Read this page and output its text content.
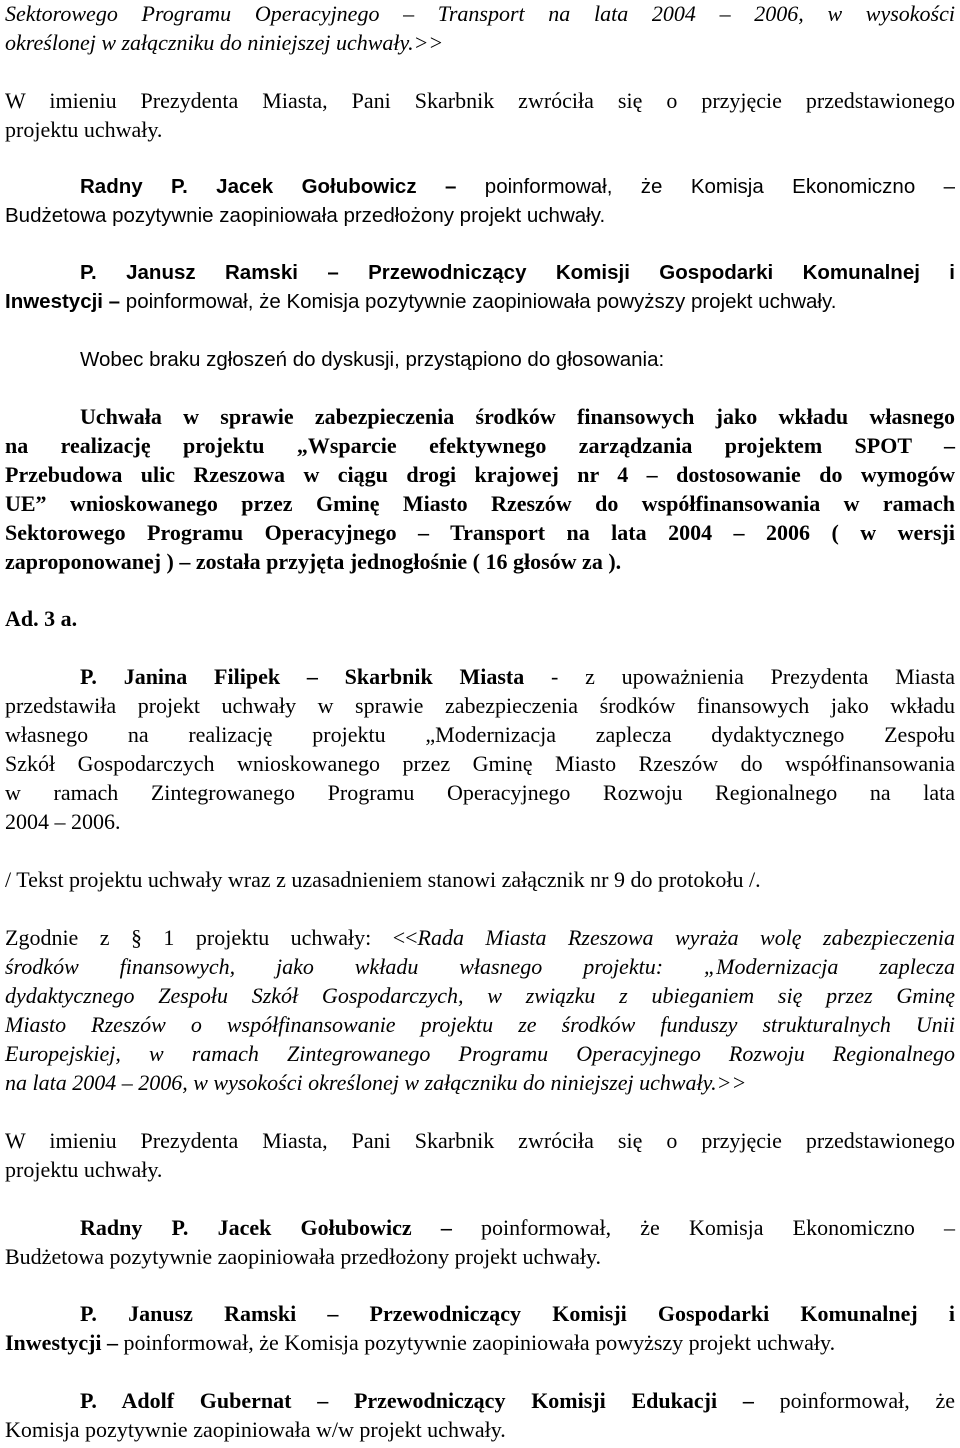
Sektorowego Programu Operacyjnego – Transport na lata 2004 – 2006, w wysokości
określonej w załączniku do niniejszej uchwały.>>
W imieniu Prezydenta Miasta, Pani Skarbnik zwróciła się o przyjęcie przedstawionego
projektu uchwały.
Radny P. Jacek Gołubowicz – poinformował, że Komisja Ekonomiczno –
Budżetowa pozytywnie zaopiniowała przedłożony projekt uchwały.
P. Janusz Ramski – Przewodniczący Komisji Gospodarki Komunalnej i
Inwestycji – poinformował, że Komisja pozytywnie zaopiniowała powyższy projekt uchwały.
Wobec braku zgłoszeń do dyskusji, przystąpiono do głosowania:
Uchwała w sprawie zabezpieczenia środków finansowych jako wkładu własnego
na realizację projektu „Wsparcie efektywnego zarządzania projektem SPOT –
Przebudowa ulic Rzeszowa w ciągu drogi krajowej nr 4 – dostosowanie do wymogów
UE” wnioskowanego przez Gminę Miasto Rzeszów do współfinansowania w ramach
Sektorowego Programu Operacyjnego – Transport na lata 2004 – 2006 ( w wersji
zaproponowanej ) – została przyjęta jednogłośnie ( 16 głosów za ).
Ad. 3 a.
P. Janina Filipek – Skarbnik Miasta - z upoważnienia Prezydenta Miasta
przedstawiła projekt uchwały w sprawie zabezpieczenia środków finansowych jako wkładu
własnego na realizację projektu „Modernizacja zaplecza dydaktycznego Zespołu
Szkół Gospodarczych wnioskowanego przez Gminę Miasto Rzeszów do współfinansowania
w ramach Zintegrowanego Programu Operacyjnego Rozwoju Regionalnego na lata
2004 – 2006.
/ Tekst projektu uchwały wraz z uzasadnieniem stanowi załącznik nr 9 do protokołu /.
Zgodnie z § 1 projektu uchwały: <<Rada Miasta Rzeszowa wyraża wolę zabezpieczenia
środków finansowych, jako wkładu własnego projektu: „Modernizacja zaplecza
dydaktycznego Zespołu Szkół Gospodarczych, w związku z ubieganiem się przez Gminę
Miasto Rzeszów o współfinansowanie projektu ze środków funduszy strukturalnych Unii
Europejskiej, w ramach Zintegrowanego Programu Operacyjnego Rozwoju Regionalnego
na lata 2004 – 2006, w wysokości określonej w załączniku do niniejszej uchwały.>>
W imieniu Prezydenta Miasta, Pani Skarbnik zwróciła się o przyjęcie przedstawionego
projektu uchwały.
Radny P. Jacek Gołubowicz – poinformował, że Komisja Ekonomiczno –
Budżetowa pozytywnie zaopiniowała przedłożony projekt uchwały.
P. Janusz Ramski – Przewodniczący Komisji Gospodarki Komunalnej i
Inwestycji – poinformował, że Komisja pozytywnie zaopiniowała powyższy projekt uchwały.
P. Adolf Gubernat – Przewodniczący Komisji Edukacji – poinformował, że
Komisja pozytywnie zaopiniowała w/w projekt uchwały.
